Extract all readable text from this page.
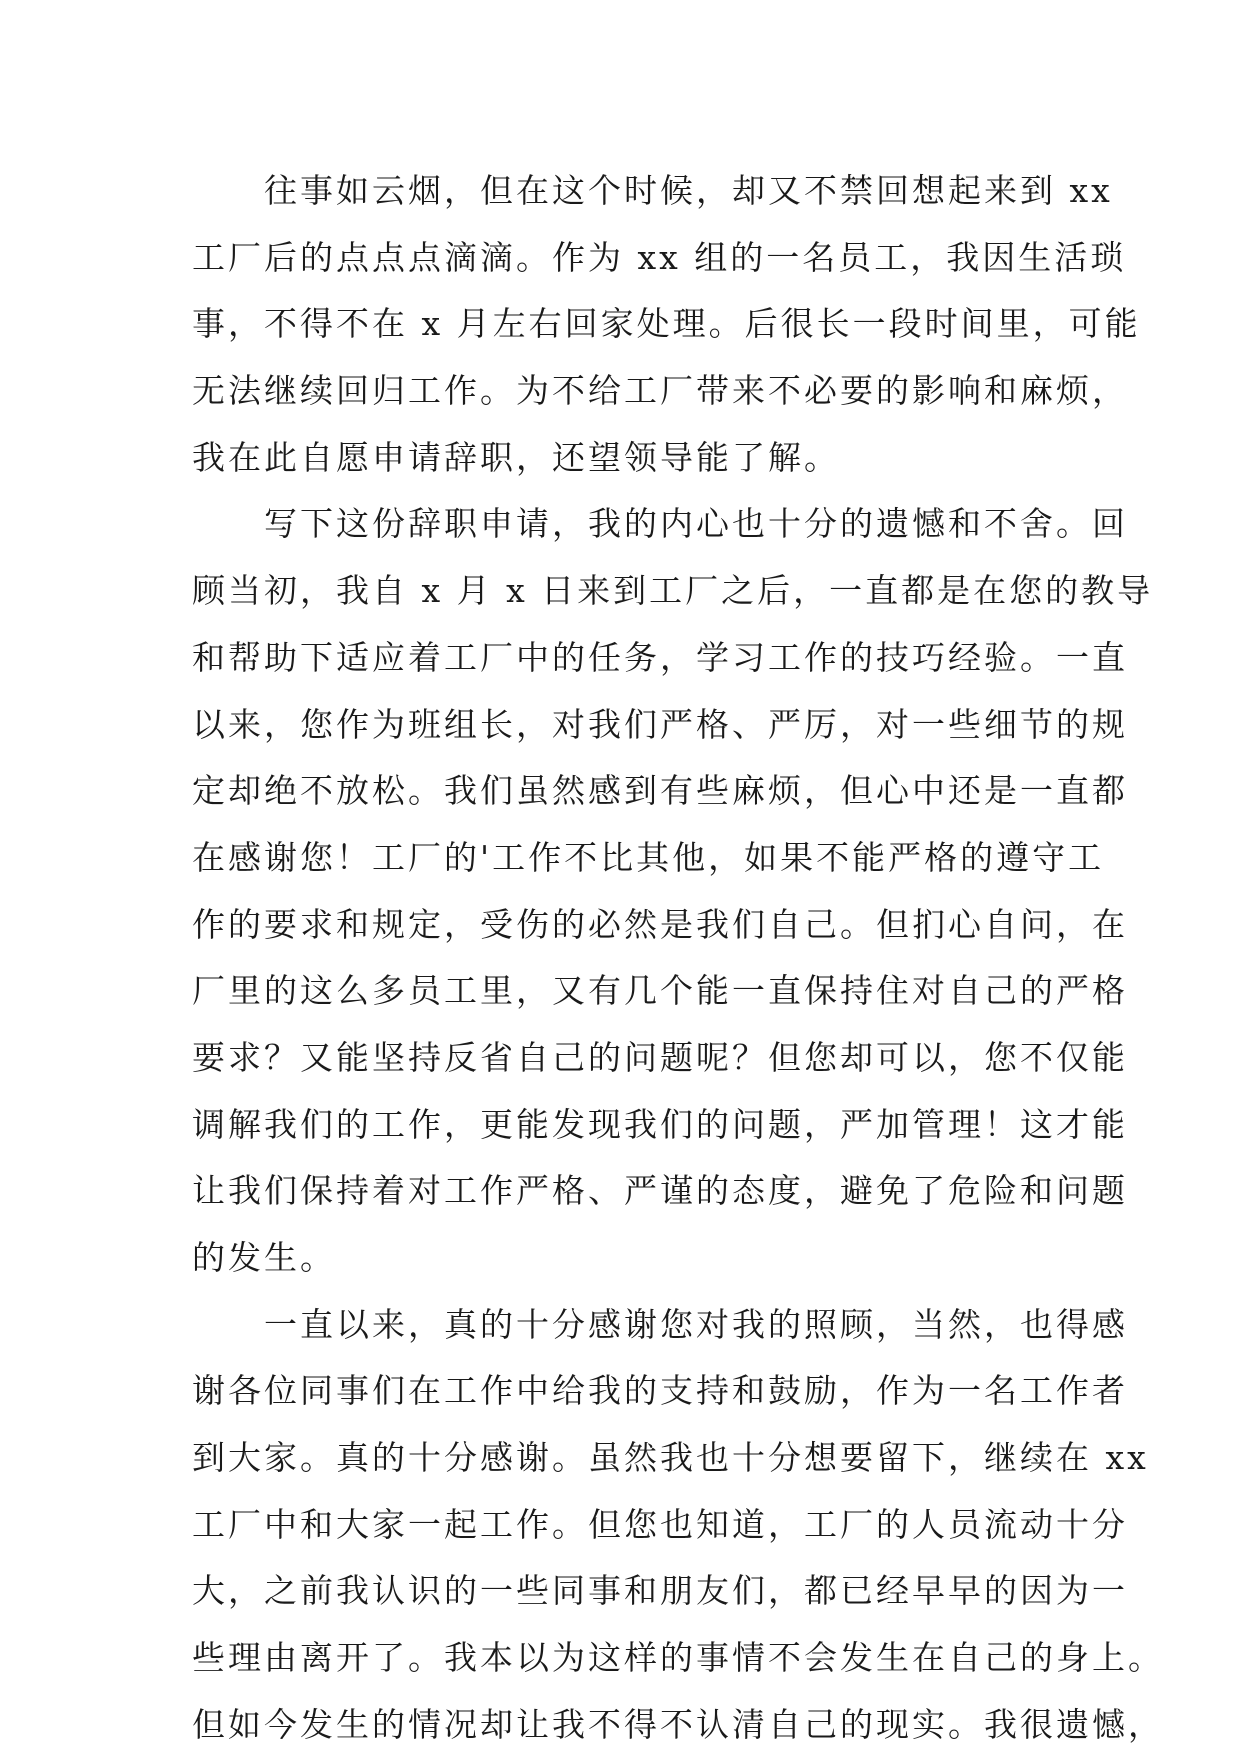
　　往事如云烟，但在这个时候，却又不禁回想起来到 xx
工厂后的点点点滴滴。作为 xx 组的一名员工，我因生活琐
事，不得不在 x 月左右回家处理。后很长一段时间里，可能
无法继续回归工作。为不给工厂带来不必要的影响和麻烦，
我在此自愿申请辞职，还望领导能了解。
　　写下这份辞职申请，我的内心也十分的遗憾和不舍。回
顾当初，我自 x 月 x 日来到工厂之后，一直都是在您的教导
和帮助下适应着工厂中的任务，学习工作的技巧经验。一直
以来，您作为班组长，对我们严格、严厉，对一些细节的规
定却绝不放松。我们虽然感到有些麻烦，但心中还是一直都
在感谢您！工厂的'工作不比其他，如果不能严格的遵守工
作的要求和规定，受伤的必然是我们自己。但扪心自问，在
厂里的这么多员工里，又有几个能一直保持住对自己的严格
要求？又能坚持反省自己的问题呢？但您却可以，您不仅能
调解我们的工作，更能发现我们的问题，严加管理！这才能
让我们保持着对工作严格、严谨的态度，避免了危险和问题
的发生。
　　一直以来，真的十分感谢您对我的照顾，当然，也得感
谢各位同事们在工作中给我的支持和鼓励，作为一名工作者
到大家。真的十分感谢。虽然我也十分想要留下，继续在 xx
工厂中和大家一起工作。但您也知道，工厂的人员流动十分
大，之前我认识的一些同事和朋友们，都已经早早的因为一
些理由离开了。我本以为这样的事情不会发生在自己的身上。
但如今发生的情况却让我不得不认清自己的现实。我很遗憾，
